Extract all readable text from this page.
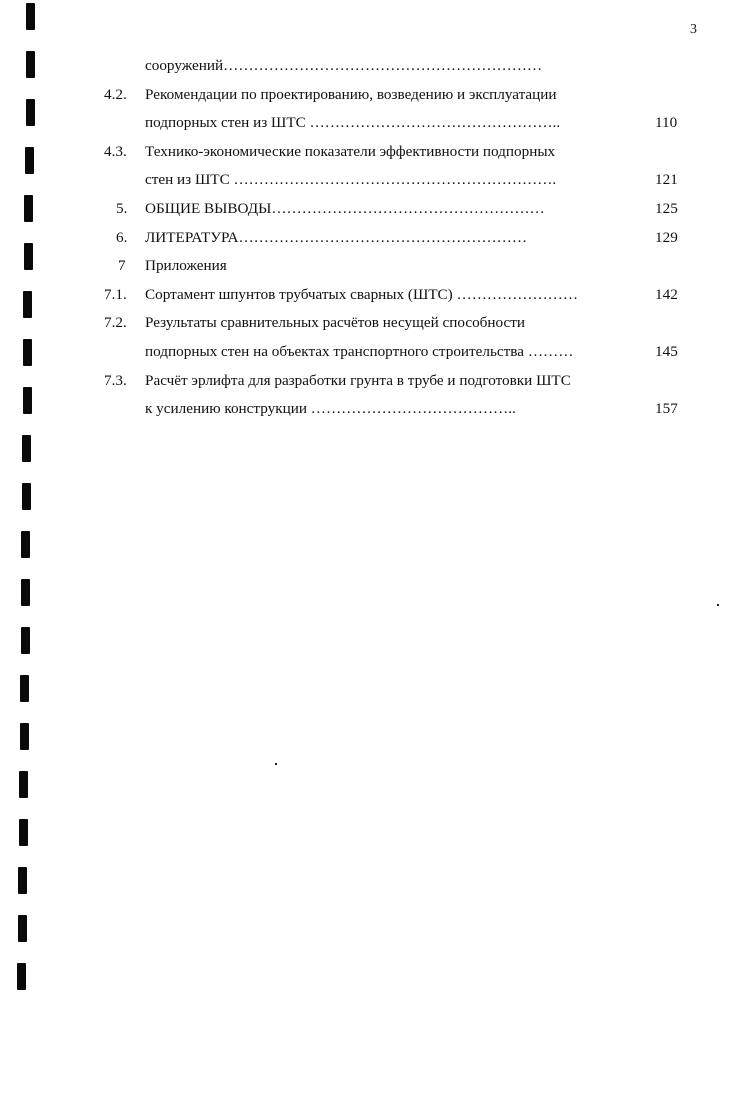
3
сооружений………………………………………………………
4.2.	Рекомендации по проектированию, возведению и эксплуатации
подпорных стен из ШТС …………………………………………..	110
4.3.	Технико-экономические показатели эффективности подпорных
стен из ШТС ……………………………………………………….	121
5.	ОБЩИЕ ВЫВОДЫ………………………………………………	125
6.	ЛИТЕРАТУРА…………………………………………………	129
7	Приложения
7.1.	Сортамент шпунтов трубчатых сварных (ШТС) ……………………	142
7.2.	Результаты сравнительных расчётов несущей способности
подпорных стен на объектах транспортного строительства ………	145
7.3.	Расчёт эрлифта для разработки грунта в трубе и подготовки ШТС
к усилению конструкции …………………………………..	157
